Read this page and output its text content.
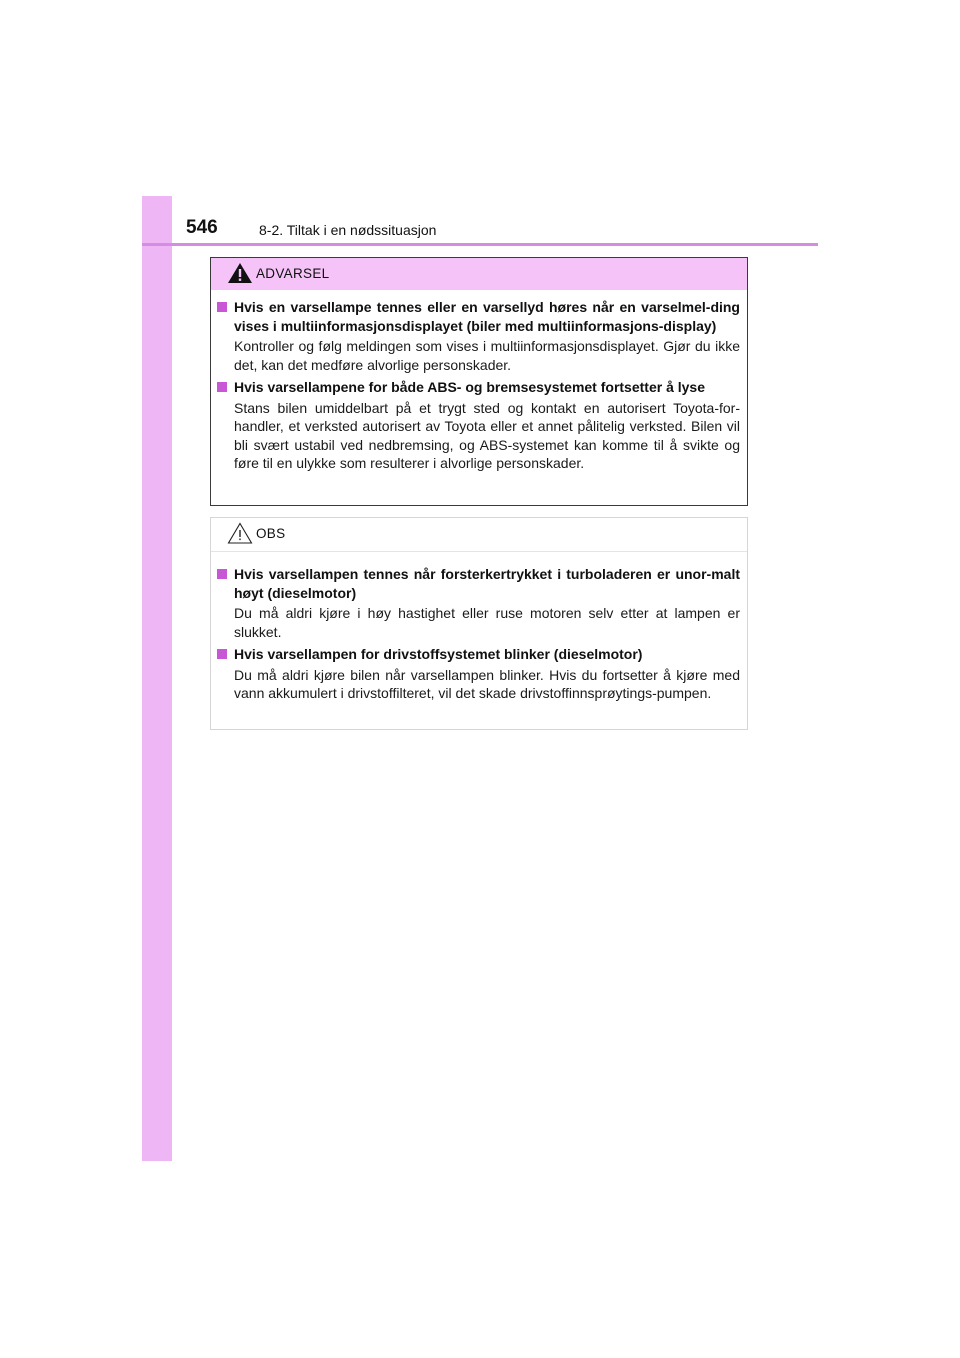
546	8-2. Tiltak i en nødssituasjon
ADVARSEL
Hvis en varsellampe tennes eller en varsellyd høres når en varselmel-ding vises i multiinformasjonsdisplayet (biler med multiinformasjons-display)
Kontroller og følg meldingen som vises i multiinformasjonsdisplayet. Gjør du ikke det, kan det medføre alvorlige personskader.
Hvis varsellampene for både ABS- og bremsesystemet fortsetter å lyse
Stans bilen umiddelbart på et trygt sted og kontakt en autorisert Toyota-for-handler, et verksted autorisert av Toyota eller et annet pålitelig verksted. Bilen vil bli svært ustabil ved nedbremsing, og ABS-systemet kan komme til å svikte og føre til en ulykke som resulterer i alvorlige personskader.
OBS
Hvis varsellampen tennes når forsterkertrykket i turboladeren er unor-malt høyt (dieselmotor)
Du må aldri kjøre i høy hastighet eller ruse motoren selv etter at lampen er slukket.
Hvis varsellampen for drivstoffsystemet blinker (dieselmotor)
Du må aldri kjøre bilen når varsellampen blinker. Hvis du fortsetter å kjøre med vann akkumulert i drivstoffilteret, vil det skade drivstoffinnsprøytings-pumpen.
